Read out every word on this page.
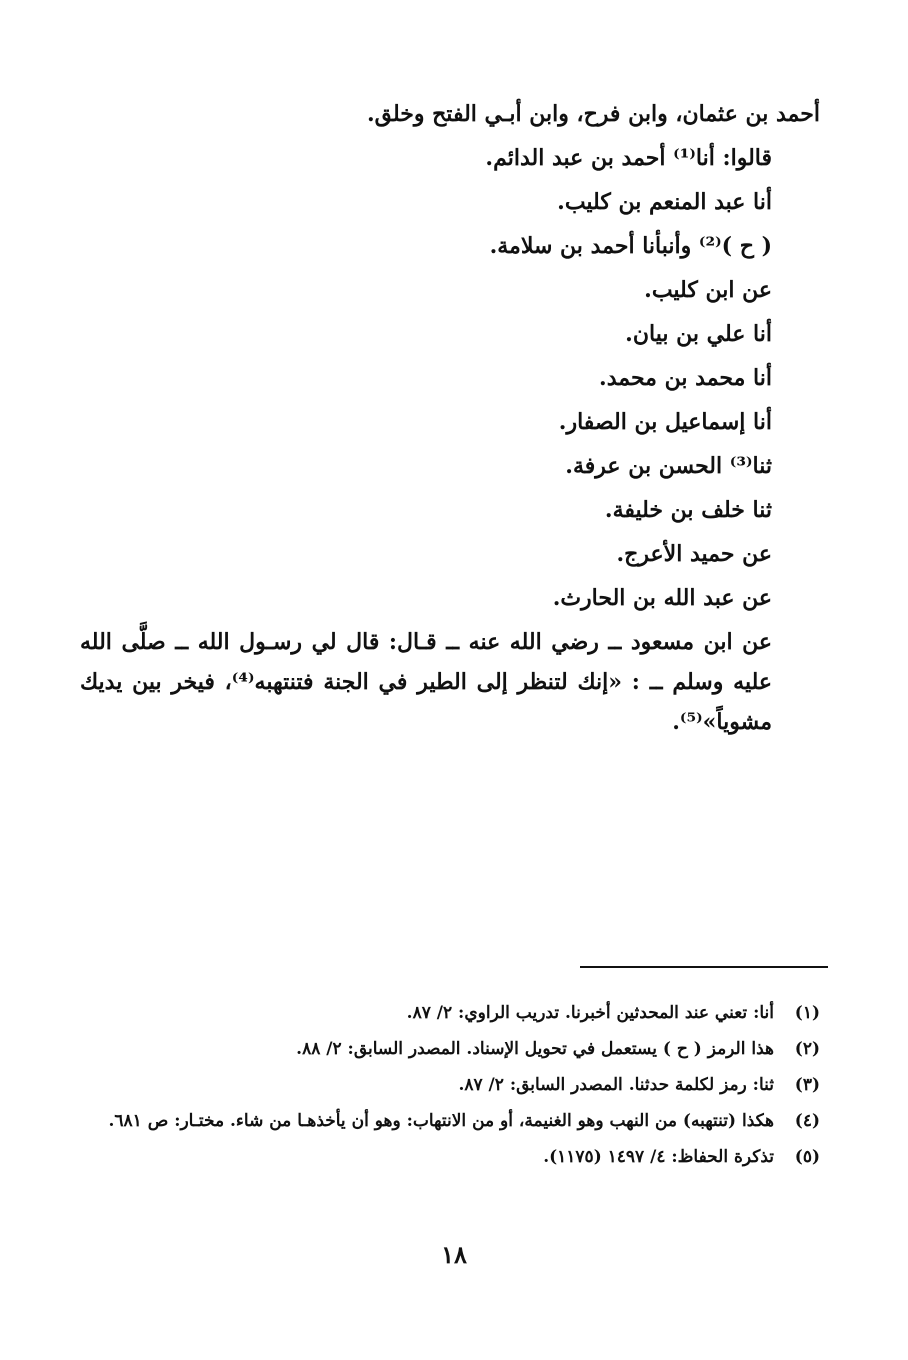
أحمد بن عثمان، وابن فرح، وابن أبـي الفتح وخلق.
قالوا: أنا⁽¹⁾ أحمد بن عبد الدائم.
أنا عبد المنعم بن كليب.
( ح )⁽²⁾ وأنبأنا أحمد بن سلامة.
عن ابن كليب.
أنا علي بن بيان.
أنا محمد بن محمد.
أنا إسماعيل بن الصفار.
ثنا⁽³⁾ الحسن بن عرفة.
ثنا خلف بن خليفة.
عن حميد الأعرج.
عن عبد الله بن الحارث.
عن ابن مسعود ــ رضي الله عنه ــ قـال: قال لي رسـول الله ــ صلَّى الله عليه وسلم ــ : «إنك لتنظر إلى الطير في الجنة فتنتهبه⁽⁴⁾، فيخر بين يديك مشوياً»⁽⁵⁾.
(١)
أنا: تعني عند المحدثين أخبرنا. تدريب الراوي: ٢/ ٨٧.
(٢)
هذا الرمز ( ح ) يستعمل في تحويل الإسناد. المصدر السابق: ٢/ ٨٨.
(٣)
ثنا: رمز لكلمة حدثنا. المصدر السابق: ٢/ ٨٧.
(٤)
هكذا (تنتهبه) من النهب وهو الغنيمة، أو من الانتهاب: وهو أن يأخذهـا من شاء. مختـار: ص ٦٨١.
(٥)
تذكرة الحفاظ: ٤/ ١٤٩٧ (١١٧٥).
١٨
